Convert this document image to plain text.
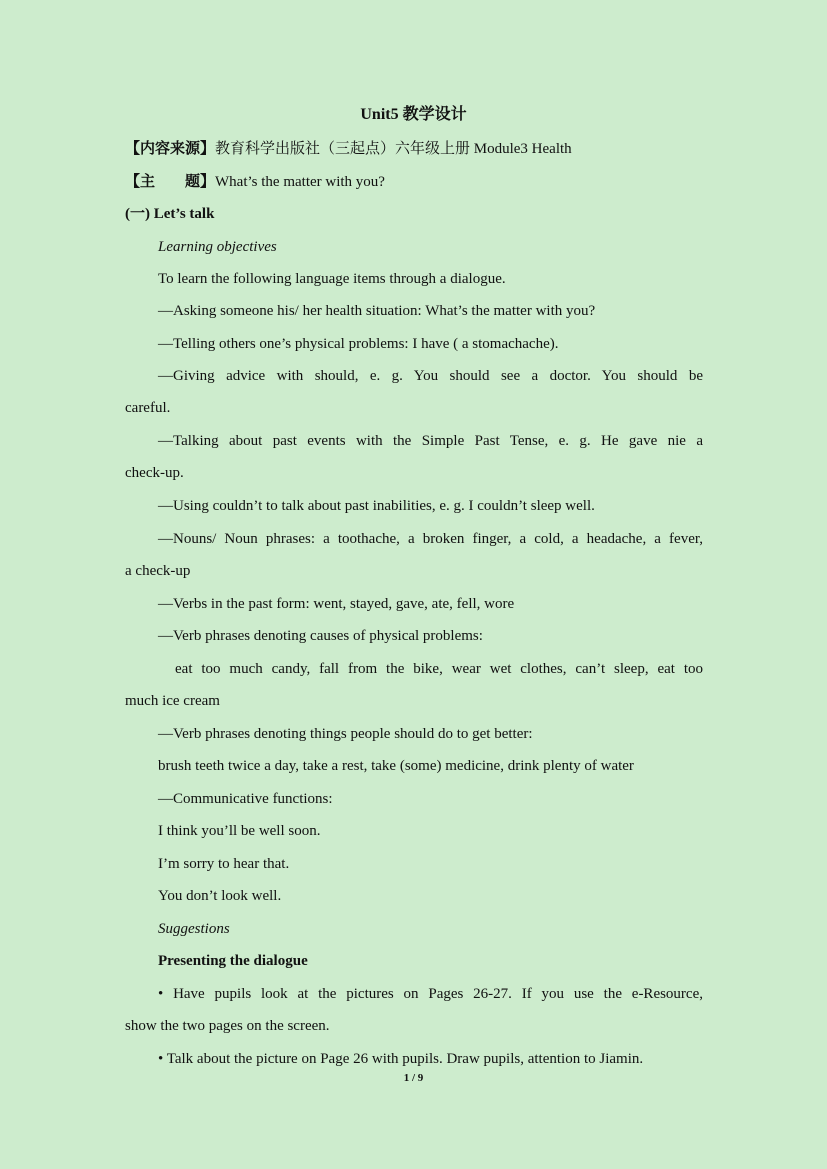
Unit5 教学设计
【内容来源】教育科学出版社（三起点）六年级上册 Module3 Health
【主　　题】What’s the matter with you?
(一) Let’s talk
Learning objectives
To learn the following language items through a dialogue.
—Asking someone his/ her health situation: What’s the matter with you?
—Telling others one’s physical problems: I have ( a stomachache).
—Giving advice with should, e. g. You should see a doctor. You should be
careful.
—Talking about past events with the Simple Past Tense, e. g. He gave nie a
check-up.
—Using couldn’t to talk about past inabilities, e. g. I couldn’t sleep well.
—Nouns/ Noun phrases: a toothache, a broken finger, a cold, a headache, a fever,
a check-up
—Verbs in the past form: went, stayed, gave, ate, fell, wore
—Verb phrases denoting causes of physical problems:
eat too much candy, fall from the bike, wear wet clothes, can’t sleep, eat too
much ice cream
—Verb phrases denoting things people should do to get better:
brush teeth twice a day, take a rest, take (some) medicine, drink plenty of water
—Communicative functions:
I think you’ll be well soon.
I’m sorry to hear that.
You don’t look well.
Suggestions
Presenting the dialogue
• Have pupils look at the pictures on Pages 26-27. If you use the e-Resource,
show the two pages on the screen.
• Talk about the picture on Page 26 with pupils. Draw pupils, attention to Jiamin.
1 / 9
